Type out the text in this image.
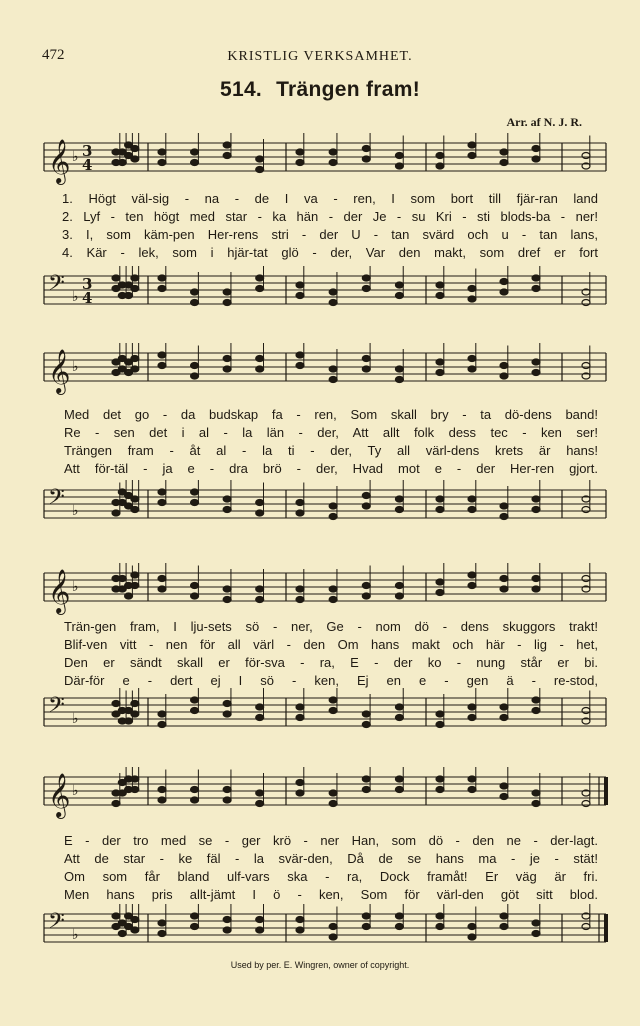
472	KRISTLIG VERKSAMHET.
514. Trängen fram!
Arr. af N. J. R.
𝄞 ♭ 3
4
1. Högt väl-sig - na - de I va - ren, I som bort till fjär-ran land
2. Lyf - ten högt med star - ka hän - der Je - su Kri - sti blods-ba - ner!
3. I, som käm-pen Her-rens stri - der U - tan svärd och u - tan lans,
4. Kär - lek, som i hjär-tat glö - der, Var den makt, som dref er fort
𝄢 ♭
3
4
𝄞 ♭
Med det go - da budskap fa - ren, Som skall bry - ta dö-dens band!
Re - sen det i al - la län - der, Att allt folk dess tec - ken ser!
Trängen fram - åt al - la ti - der, Ty all värl-dens krets är hans!
Att för-täl - ja e - dra brö - der, Hvad mot e - der Her-ren gjort.
𝄢 ♭
𝄞 ♭
Trän-gen fram, I lju-sets sö - ner, Ge - nom dö - dens skuggors trakt!
Blif-ven vitt - nen för all värl - den Om hans makt och här - lig - het,
Den er sändt skall er för-sva - ra, E - der ko - nung står er bi.
Där-för e - dert ej I sö - ken, Ej en e - gen ä - re-stod,
𝄢 ♭
𝄞 ♭
E - der tro med se - ger krö - ner Han, som dö - den ne - der-lagt.
Att de star - ke fäl - la svär-den, Då de se hans ma - je - stät!
Om som får bland ulf-vars ska - ra, Dock framåt! Er väg är fri.
Men hans pris allt-jämt I ö - ken, Som för värl-den göt sitt blod.
𝄢 ♭
Used by per. E. Wingren, owner of copyright.
